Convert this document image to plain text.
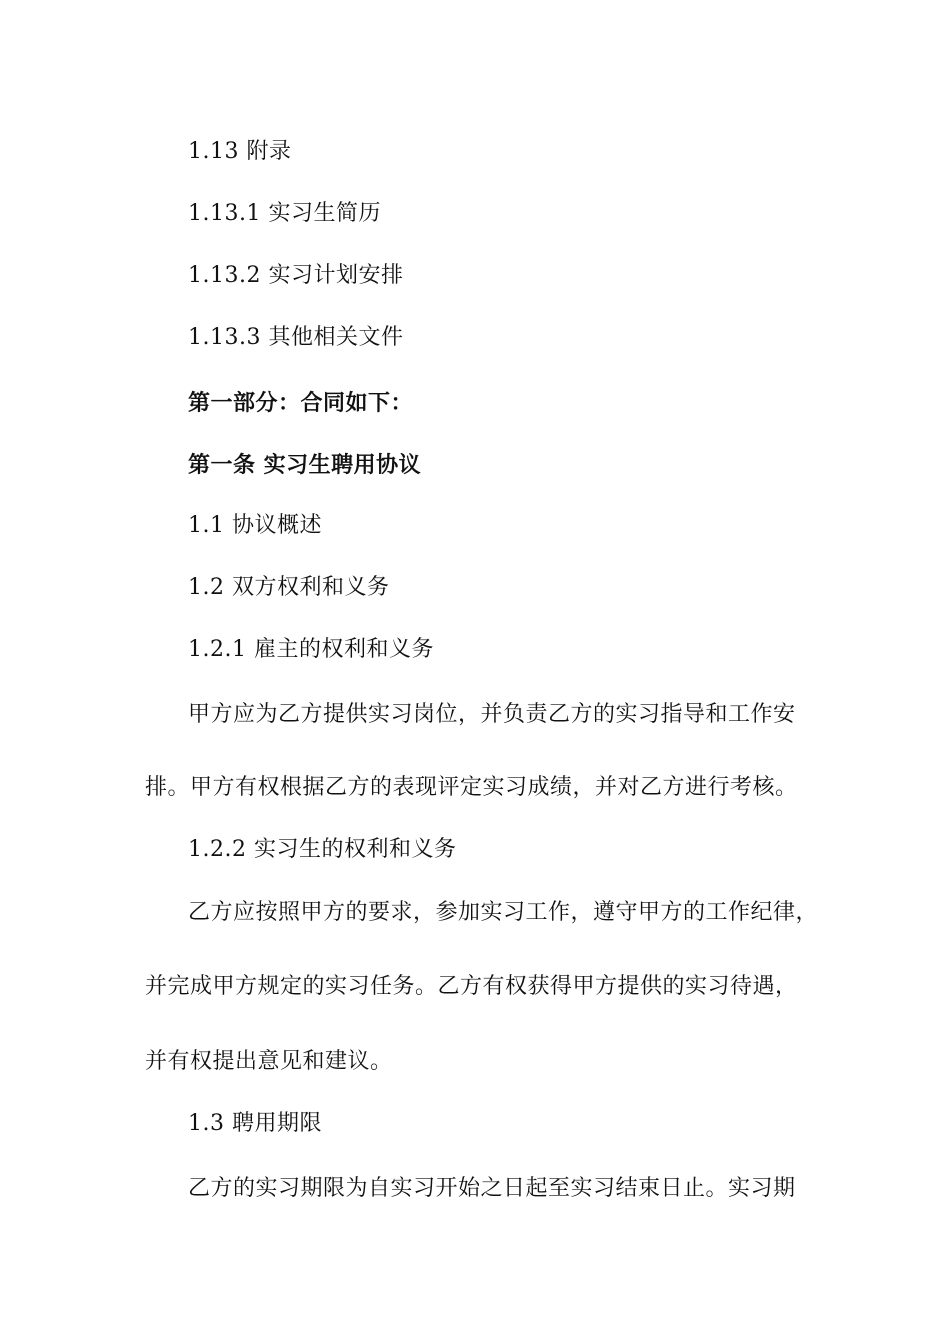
1.13 附录
1.13.1 实习生简历
1.13.2 实习计划安排
1.13.3 其他相关文件
第一部分：合同如下：
第一条 实习生聘用协议
1.1 协议概述
1.2 双方权利和义务
1.2.1 雇主的权利和义务
甲方应为乙方提供实习岗位，并负责乙方的实习指导和工作安
排。甲方有权根据乙方的表现评定实习成绩，并对乙方进行考核。
1.2.2 实习生的权利和义务
乙方应按照甲方的要求，参加实习工作，遵守甲方的工作纪律，
并完成甲方规定的实习任务。乙方有权获得甲方提供的实习待遇，
并有权提出意见和建议。
1.3 聘用期限
乙方的实习期限为自实习开始之日起至实习结束日止。实习期
